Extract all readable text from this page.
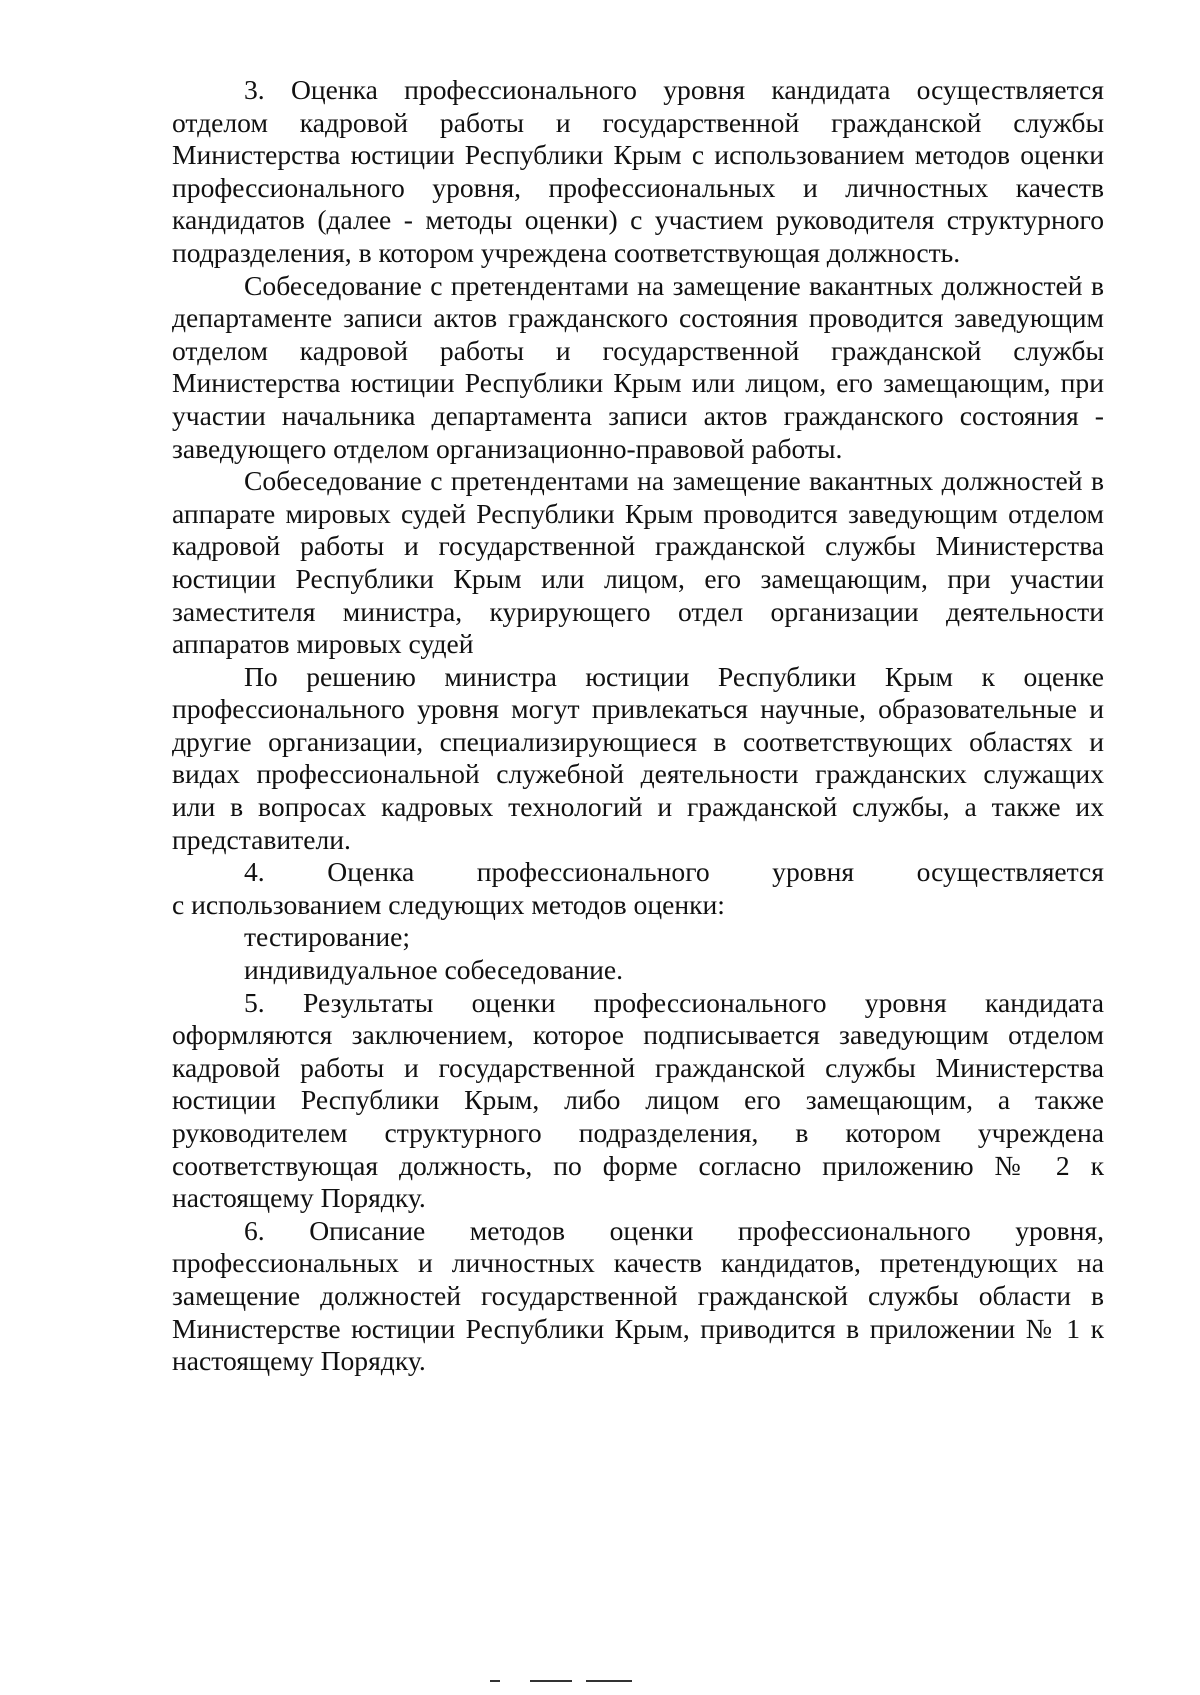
3. Оценка профессионального уровня кандидата осуществляется отделом кадровой работы и государственной гражданской службы Министерства юстиции Республики Крым с использованием методов оценки профессионального уровня, профессиональных и личностных качеств кандидатов (далее - методы оценки) с участием руководителя структурного подразделения, в котором учреждена соответствующая должность.

Собеседование с претендентами на замещение вакантных должностей в департаменте записи актов гражданского состояния проводится заведующим отделом кадровой работы и государственной гражданской службы Министерства юстиции Республики Крым или лицом, его замещающим, при участии начальника департамента записи актов гражданского состояния - заведующего отделом организационно-правовой работы.

Собеседование с претендентами на замещение вакантных должностей в аппарате мировых судей Республики Крым проводится заведующим отделом кадровой работы и государственной гражданской службы Министерства юстиции Республики Крым или лицом, его замещающим, при участии заместителя министра, курирующего отдел организации деятельности аппаратов мировых судей

По решению министра юстиции Республики Крым к оценке профессионального уровня могут привлекаться научные, образовательные и другие организации, специализирующиеся в соответствующих областях и видах профессиональной служебной деятельности гражданских служащих или в вопросах кадровых технологий и гражданской службы, а также их представители.

4. Оценка профессионального уровня осуществляется

с использованием следующих методов оценки:

тестирование;

индивидуальное собеседование.

5. Результаты оценки профессионального уровня кандидата оформляются заключением, которое подписывается заведующим отделом кадровой работы и государственной гражданской службы Министерства юстиции Республики Крым, либо лицом его замещающим, а также руководителем структурного подразделения, в котором учреждена соответствующая должность, по форме согласно приложению № 2 к настоящему Порядку.

6. Описание методов оценки профессионального уровня, профессиональных и личностных качеств кандидатов, претендующих на замещение должностей государственной гражданской службы области в Министерстве юстиции Республики Крым, приводится в приложении № 1 к настоящему Порядку.
